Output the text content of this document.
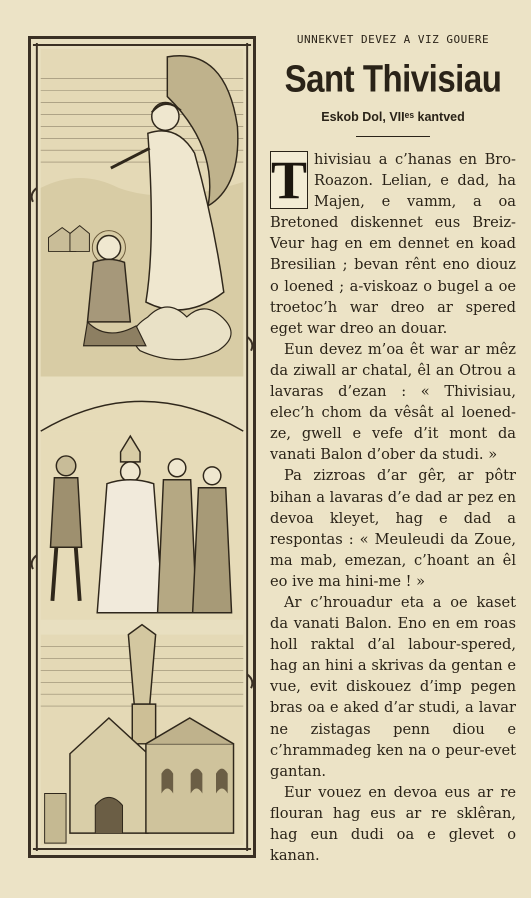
UNNEKVET DEVEZ A VIZ GOUERE
Sant Thivisiau
Eskob Dol, VIIᵉˢ kantved

T hivisiau a c’hanas en Bro-Roazon. Lelian, e dad, ha Majen, e vamm, a oa Bretoned diskennet eus Breiz-Veur hag en em dennet en koad Bresilian ; bevan rênt eno diouz o loened ; a-viskoaz o bugel a oe troetoc’h war dreo ar spered eget war dreo an douar.

Eun devez m’oa êt war ar mêz da ziwall ar chatal, êl an Otrou a lavaras d’ezan : « Thivisiau, elec’h chom da vêsât al loened-ze, gwell e vefe d’it mont da vanati Balon d’ober da studi. »

Pa zizroas d’ar gêr, ar pôtr bihan a lavaras d’e dad ar pez en devoa kleyet, hag e dad a respontas : « Meuleudi da Zoue, ma mab, emezan, c’hoant an êl eo ive ma hini-me ! »

Ar c’hrouadur eta a oe kaset da vanati Balon. Eno en em roas holl raktal d’al labour-spered, hag an hini a skrivas da gentan e vue, evit diskouez d’imp pegen bras oa e aked d’ar studi, a lavar ne zistagas penn diou e c’hrammadeg ken na o peur-evet gantan.

Eur vouez en devoa eus ar re flouran hag eus ar re sklêran, hag eun dudi oa e glevet o kanan.
